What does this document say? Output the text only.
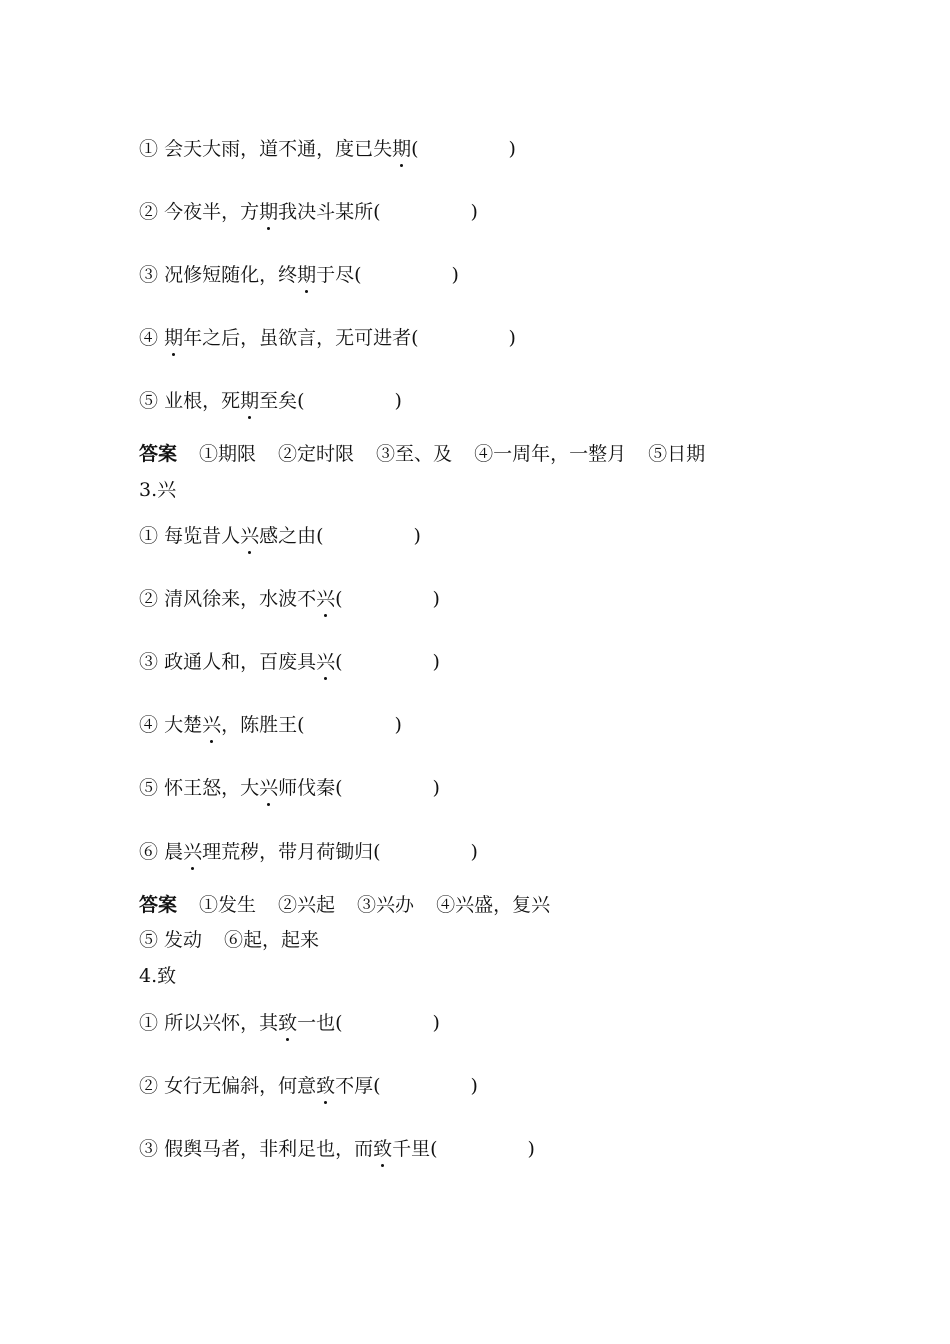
① 会天大雨，道不通，度已失期(	)
② 今夜半，方期我决斗某所(	)
③ 况修短随化，终期于尽(	)
④ 期年之后，虽欲言，无可进者(	)
⑤ 业根，死期至矣(	)
答案 ①期限 ②定时限 ③至、及 ④一周年，一整月 ⑤日期
3.兴
① 每览昔人兴感之由(	)
② 清风徐来，水波不兴(	)
③ 政通人和，百废具兴(	)
④ 大楚兴，陈胜王(	)
⑤ 怀王怒，大兴师伐秦(	)
⑥ 晨兴理荒秽，带月荷锄归(	)
答案 ①发生 ②兴起 ③兴办 ④兴盛，复兴
⑤ 发动 ⑥起，起来
4.致
① 所以兴怀，其致一也(	)
② 女行无偏斜，何意致不厚(	)
③ 假舆马者，非利足也，而致千里(	)
